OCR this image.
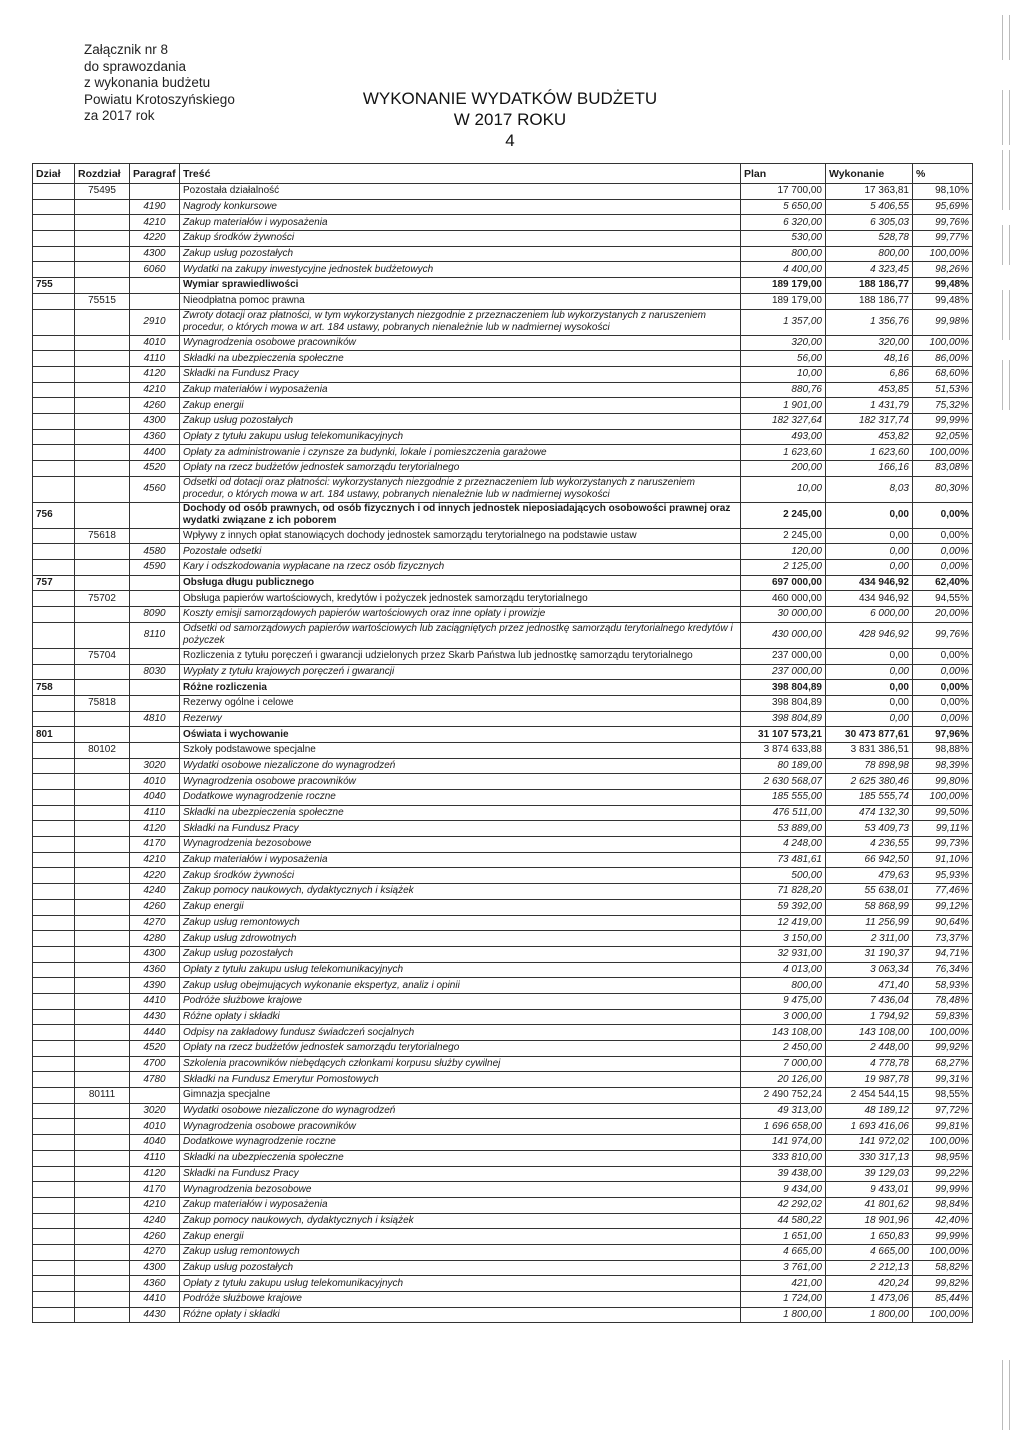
Załącznik nr 8
do sprawozdania
z wykonania budżetu
Powiatu Krotoszyńskiego
za 2017 rok
WYKONANIE WYDATKÓW BUDŻETU
W 2017 ROKU
4
Dział	Rozdział	Paragraf	Treść	Plan	Wykonanie	%
	75495		Pozostała działalność	17 700,00	17 363,81	98,10%
		4190	Nagrody konkursowe	5 650,00	5 406,55	95,69%
		4210	Zakup materiałów i wyposażenia	6 320,00	6 305,03	99,76%
		4220	Zakup środków żywności	530,00	528,78	99,77%
		4300	Zakup usług pozostałych	800,00	800,00	100,00%
		6060	Wydatki na zakupy inwestycyjne jednostek budżetowych	4 400,00	4 323,45	98,26%
755			Wymiar sprawiedliwości	189 179,00	188 186,77	99,48%
	75515		Nieodpłatna pomoc prawna	189 179,00	188 186,77	99,48%
		2910	Zwroty dotacji oraz płatności, w tym wykorzystanych niezgodnie z przeznaczeniem lub wykorzystanych z naruszeniem procedur, o których mowa w art. 184 ustawy, pobranych nienależnie lub w nadmiernej wysokości	1 357,00	1 356,76	99,98%
		4010	Wynagrodzenia osobowe pracowników	320,00	320,00	100,00%
		4110	Składki na ubezpieczenia społeczne	56,00	48,16	86,00%
		4120	Składki na Fundusz Pracy	10,00	6,86	68,60%
		4210	Zakup materiałów i wyposażenia	880,76	453,85	51,53%
		4260	Zakup energii	1 901,00	1 431,79	75,32%
		4300	Zakup usług pozostałych	182 327,64	182 317,74	99,99%
		4360	Opłaty z tytułu zakupu usług telekomunikacyjnych	493,00	453,82	92,05%
		4400	Opłaty za administrowanie i czynsze za budynki, lokale i pomieszczenia garażowe	1 623,60	1 623,60	100,00%
		4520	Opłaty na rzecz budżetów jednostek samorządu terytorialnego	200,00	166,16	83,08%
		4560	Odsetki od dotacji oraz płatności: wykorzystanych niezgodnie z przeznaczeniem lub wykorzystanych z naruszeniem procedur, o których mowa w art. 184 ustawy, pobranych nienależnie lub w nadmiernej wysokości	10,00	8,03	80,30%
756			Dochody od osób prawnych, od osób fizycznych i od innych jednostek nieposiadających osobowości prawnej oraz wydatki związane z ich poborem	2 245,00	0,00	0,00%
	75618		Wpływy z innych opłat stanowiących dochody jednostek samorządu terytorialnego na podstawie ustaw	2 245,00	0,00	0,00%
		4580	Pozostałe odsetki	120,00	0,00	0,00%
		4590	Kary i odszkodowania wypłacane na rzecz osób fizycznych	2 125,00	0,00	0,00%
757			Obsługa długu publicznego	697 000,00	434 946,92	62,40%
	75702		Obsługa papierów wartościowych, kredytów i pożyczek jednostek samorządu terytorialnego	460 000,00	434 946,92	94,55%
		8090	Koszty emisji samorządowych papierów wartościowych oraz inne opłaty i prowizje	30 000,00	6 000,00	20,00%
		8110	Odsetki od samorządowych papierów wartościowych lub zaciągniętych przez jednostkę samorządu terytorialnego kredytów i pożyczek	430 000,00	428 946,92	99,76%
	75704		Rozliczenia z tytułu poręczeń i gwarancji udzielonych przez Skarb Państwa lub jednostkę samorządu terytorialnego	237 000,00	0,00	0,00%
		8030	Wypłaty z tytułu krajowych poręczeń i gwarancji	237 000,00	0,00	0,00%
758			Różne rozliczenia	398 804,89	0,00	0,00%
	75818		Rezerwy ogólne i celowe	398 804,89	0,00	0,00%
		4810	Rezerwy	398 804,89	0,00	0,00%
801			Oświata i wychowanie	31 107 573,21	30 473 877,61	97,96%
	80102		Szkoły podstawowe specjalne	3 874 633,88	3 831 386,51	98,88%
		3020	Wydatki osobowe niezaliczone do wynagrodzeń	80 189,00	78 898,98	98,39%
		4010	Wynagrodzenia osobowe pracowników	2 630 568,07	2 625 380,46	99,80%
		4040	Dodatkowe wynagrodzenie roczne	185 555,00	185 555,74	100,00%
		4110	Składki na ubezpieczenia społeczne	476 511,00	474 132,30	99,50%
		4120	Składki na Fundusz Pracy	53 889,00	53 409,73	99,11%
		4170	Wynagrodzenia bezosobowe	4 248,00	4 236,55	99,73%
		4210	Zakup materiałów i wyposażenia	73 481,61	66 942,50	91,10%
		4220	Zakup środków żywności	500,00	479,63	95,93%
		4240	Zakup pomocy naukowych, dydaktycznych i książek	71 828,20	55 638,01	77,46%
		4260	Zakup energii	59 392,00	58 868,99	99,12%
		4270	Zakup usług remontowych	12 419,00	11 256,99	90,64%
		4280	Zakup usług zdrowotnych	3 150,00	2 311,00	73,37%
		4300	Zakup usług pozostałych	32 931,00	31 190,37	94,71%
		4360	Opłaty z tytułu zakupu usług telekomunikacyjnych	4 013,00	3 063,34	76,34%
		4390	Zakup usług obejmujących wykonanie ekspertyz, analiz i opinii	800,00	471,40	58,93%
		4410	Podróże służbowe krajowe	9 475,00	7 436,04	78,48%
		4430	Różne opłaty i składki	3 000,00	1 794,92	59,83%
		4440	Odpisy na zakładowy fundusz świadczeń socjalnych	143 108,00	143 108,00	100,00%
		4520	Opłaty na rzecz budżetów jednostek samorządu terytorialnego	2 450,00	2 448,00	99,92%
		4700	Szkolenia pracowników niebędących członkami korpusu służby cywilnej	7 000,00	4 778,78	68,27%
		4780	Składki na Fundusz Emerytur Pomostowych	20 126,00	19 987,78	99,31%
	80111		Gimnazja specjalne	2 490 752,24	2 454 544,15	98,55%
		3020	Wydatki osobowe niezaliczone do wynagrodzeń	49 313,00	48 189,12	97,72%
		4010	Wynagrodzenia osobowe pracowników	1 696 658,00	1 693 416,06	99,81%
		4040	Dodatkowe wynagrodzenie roczne	141 974,00	141 972,02	100,00%
		4110	Składki na ubezpieczenia społeczne	333 810,00	330 317,13	98,95%
		4120	Składki na Fundusz Pracy	39 438,00	39 129,03	99,22%
		4170	Wynagrodzenia bezosobowe	9 434,00	9 433,01	99,99%
		4210	Zakup materiałów i wyposażenia	42 292,02	41 801,62	98,84%
		4240	Zakup pomocy naukowych, dydaktycznych i książek	44 580,22	18 901,96	42,40%
		4260	Zakup energii	1 651,00	1 650,83	99,99%
		4270	Zakup usług remontowych	4 665,00	4 665,00	100,00%
		4300	Zakup usług pozostałych	3 761,00	2 212,13	58,82%
		4360	Opłaty z tytułu zakupu usług telekomunikacyjnych	421,00	420,24	99,82%
		4410	Podróże służbowe krajowe	1 724,00	1 473,06	85,44%
		4430	Różne opłaty i składki	1 800,00	1 800,00	100,00%
